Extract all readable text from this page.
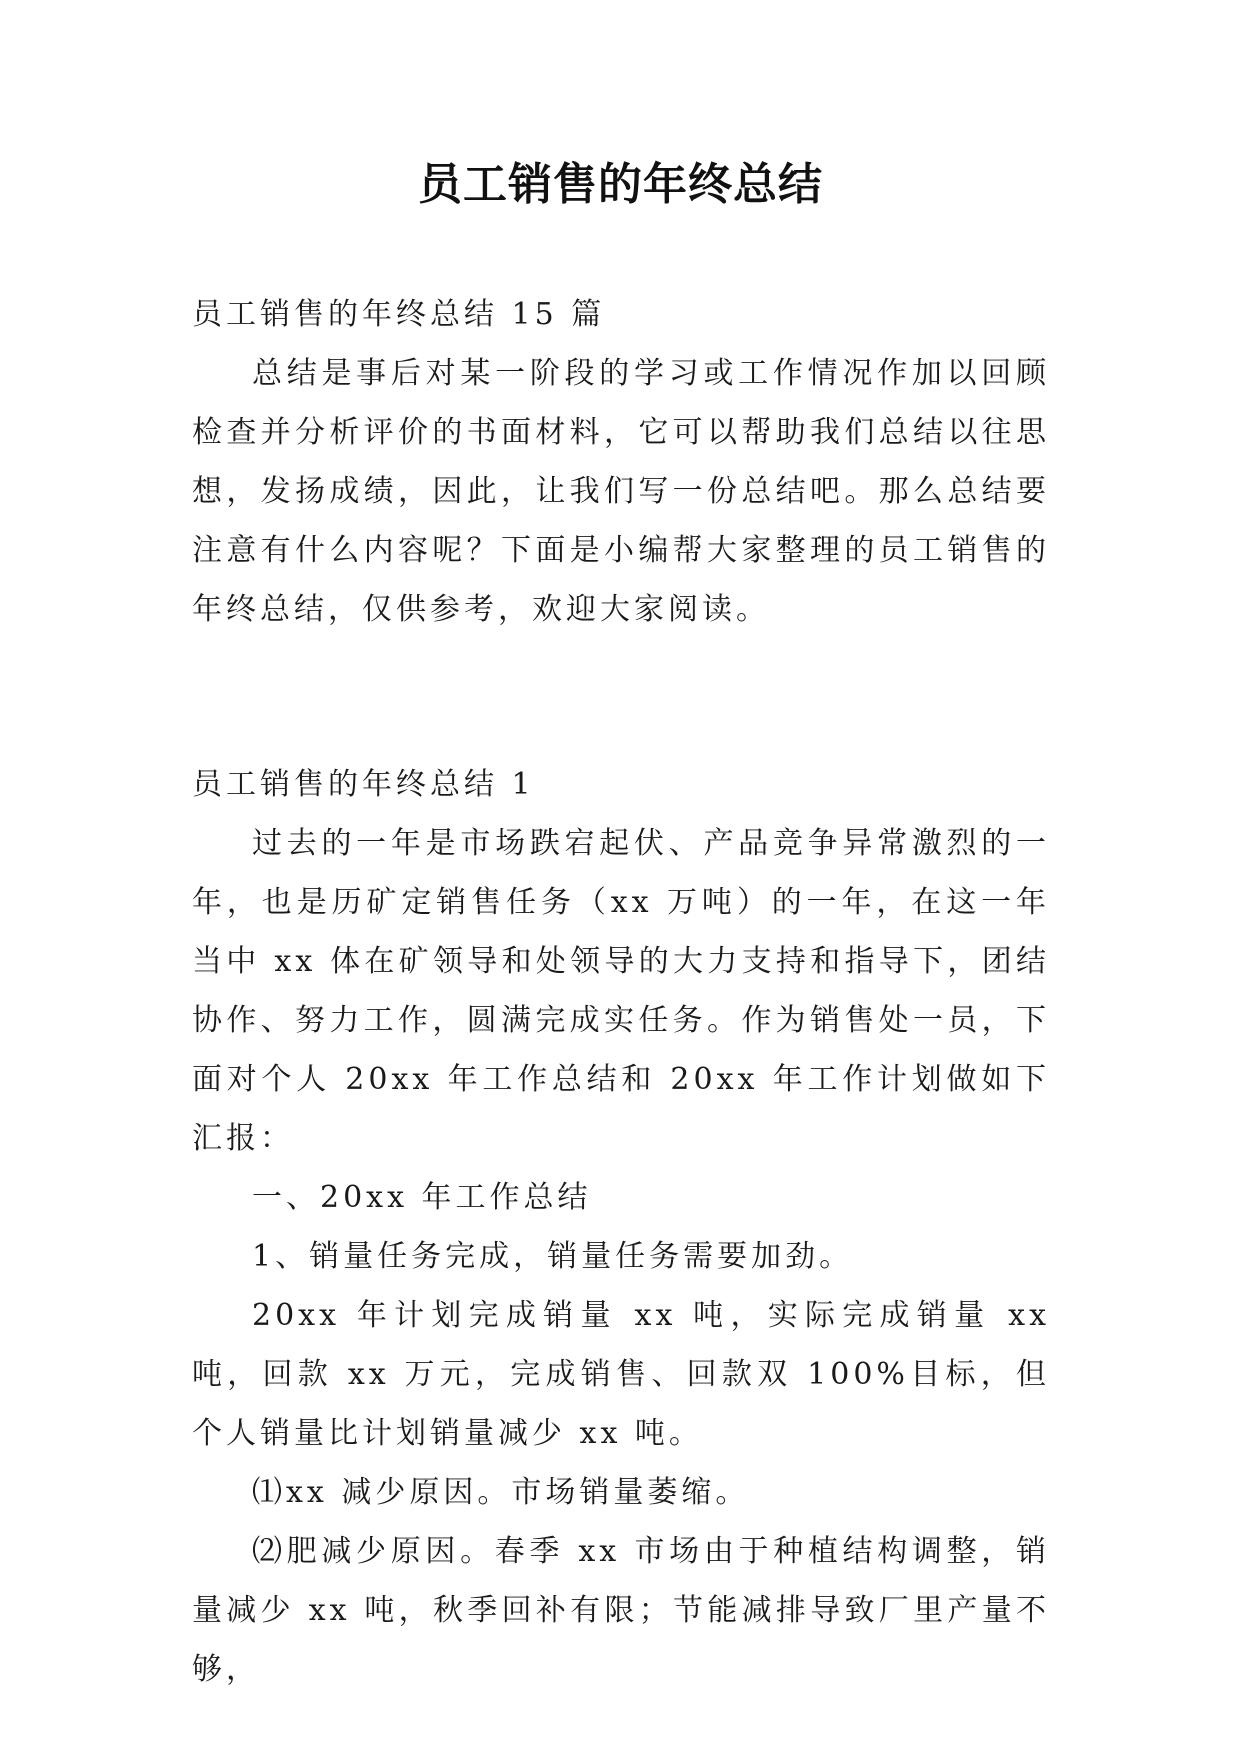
员工销售的年终总结
员工销售的年终总结 15 篇
总结是事后对某一阶段的学习或工作情况作加以回顾检查并分析评价的书面材料，它可以帮助我们总结以往思想，发扬成绩，因此，让我们写一份总结吧。那么总结要注意有什么内容呢？下面是小编帮大家整理的员工销售的年终总结，仅供参考，欢迎大家阅读。
员工销售的年终总结 1
过去的一年是市场跌宕起伏、产品竞争异常激烈的一年，也是历矿定销售任务（xx 万吨）的一年，在这一年当中 xx 体在矿领导和处领导的大力支持和指导下，团结协作、努力工作，圆满完成实任务。作为销售处一员，下面对个人 20xx 年工作总结和 20xx 年工作计划做如下汇报：
一、20xx 年工作总结
1、销量任务完成，销量任务需要加劲。
20xx 年计划完成销量 xx 吨，实际完成销量 xx 吨，回款 xx 万元，完成销售、回款双 100%目标，但个人销量比计划销量减少 xx 吨。
⑴xx 减少原因。市场销量萎缩。
⑵肥减少原因。春季 xx 市场由于种植结构调整，销量减少 xx 吨，秋季回补有限；节能减排导致厂里产量不够，
